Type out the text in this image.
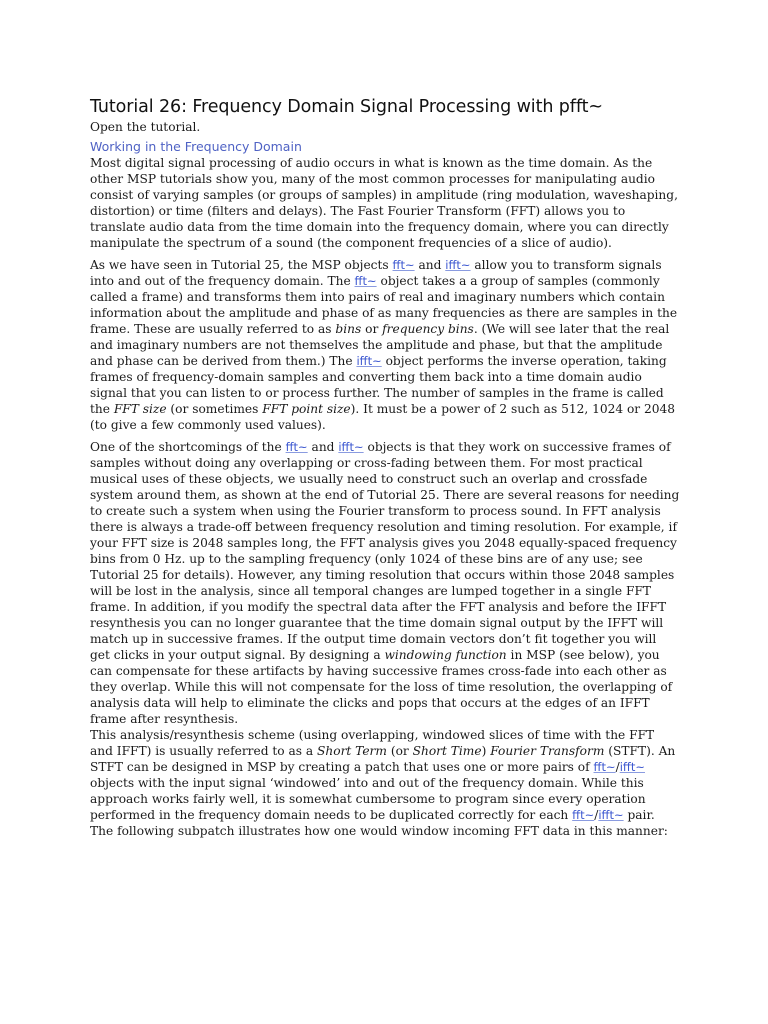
Tutorial 26: Frequency Domain Signal Processing with pfft~
Open the tutorial.
Working in the Frequency Domain

Most digital signal processing of audio occurs in what is known as the time domain. As the other MSP tutorials show you, many of the most common processes for manipulating audio consist of varying samples (or groups of samples) in amplitude (ring modulation, waveshaping, distortion) or time (filters and delays). The Fast Fourier Transform (FFT) allows you to translate audio data from the time domain into the frequency domain, where you can directly manipulate the spectrum of a sound (the component frequencies of a slice of audio).

As we have seen in Tutorial 25, the MSP objects fft~ and ifft~ allow you to transform signals into and out of the frequency domain. The fft~ object takes a a group of samples (commonly called a frame) and transforms them into pairs of real and imaginary numbers which contain information about the amplitude and phase of as many frequencies as there are samples in the frame. These are usually referred to as bins or frequency bins. (We will see later that the real and imaginary numbers are not themselves the amplitude and phase, but that the amplitude and phase can be derived from them.) The ifft~ object performs the inverse operation, taking frames of frequency-domain samples and converting them back into a time domain audio signal that you can listen to or process further. The number of samples in the frame is called the FFT size (or sometimes FFT point size). It must be a power of 2 such as 512, 1024 or 2048 (to give a few commonly used values).

One of the shortcomings of the fft~ and ifft~ objects is that they work on successive frames of samples without doing any overlapping or cross-fading between them. For most practical musical uses of these objects, we usually need to construct such an overlap and crossfade system around them, as shown at the end of Tutorial 25. There are several reasons for needing to create such a system when using the Fourier transform to process sound. In FFT analysis there is always a trade-off between frequency resolution and timing resolution. For example, if your FFT size is 2048 samples long, the FFT analysis gives you 2048 equally-spaced frequency bins from 0 Hz. up to the sampling frequency (only 1024 of these bins are of any use; see Tutorial 25 for details). However, any timing resolution that occurs within those 2048 samples will be lost in the analysis, since all temporal changes are lumped together in a single FFT frame. In addition, if you modify the spectral data after the FFT analysis and before the IFFT resynthesis you can no longer guarantee that the time domain signal output by the IFFT will match up in successive frames. If the output time domain vectors don’t fit together you will get clicks in your output signal. By designing a windowing function in MSP (see below), you can compensate for these artifacts by having successive frames cross-fade into each other as they overlap. While this will not compensate for the loss of time resolution, the overlapping of analysis data will help to eliminate the clicks and pops that occurs at the edges of an IFFT frame after resynthesis.

This analysis/resynthesis scheme (using overlapping, windowed slices of time with the FFT and IFFT) is usually referred to as a Short Term (or Short Time) Fourier Transform (STFT). An STFT can be designed in MSP by creating a patch that uses one or more pairs of fft~/ifft~ objects with the input signal ‘windowed’ into and out of the frequency domain. While this approach works fairly well, it is somewhat cumbersome to program since every operation performed in the frequency domain needs to be duplicated correctly for each fft~/ifft~ pair. The following subpatch illustrates how one would window incoming FFT data in this manner:
